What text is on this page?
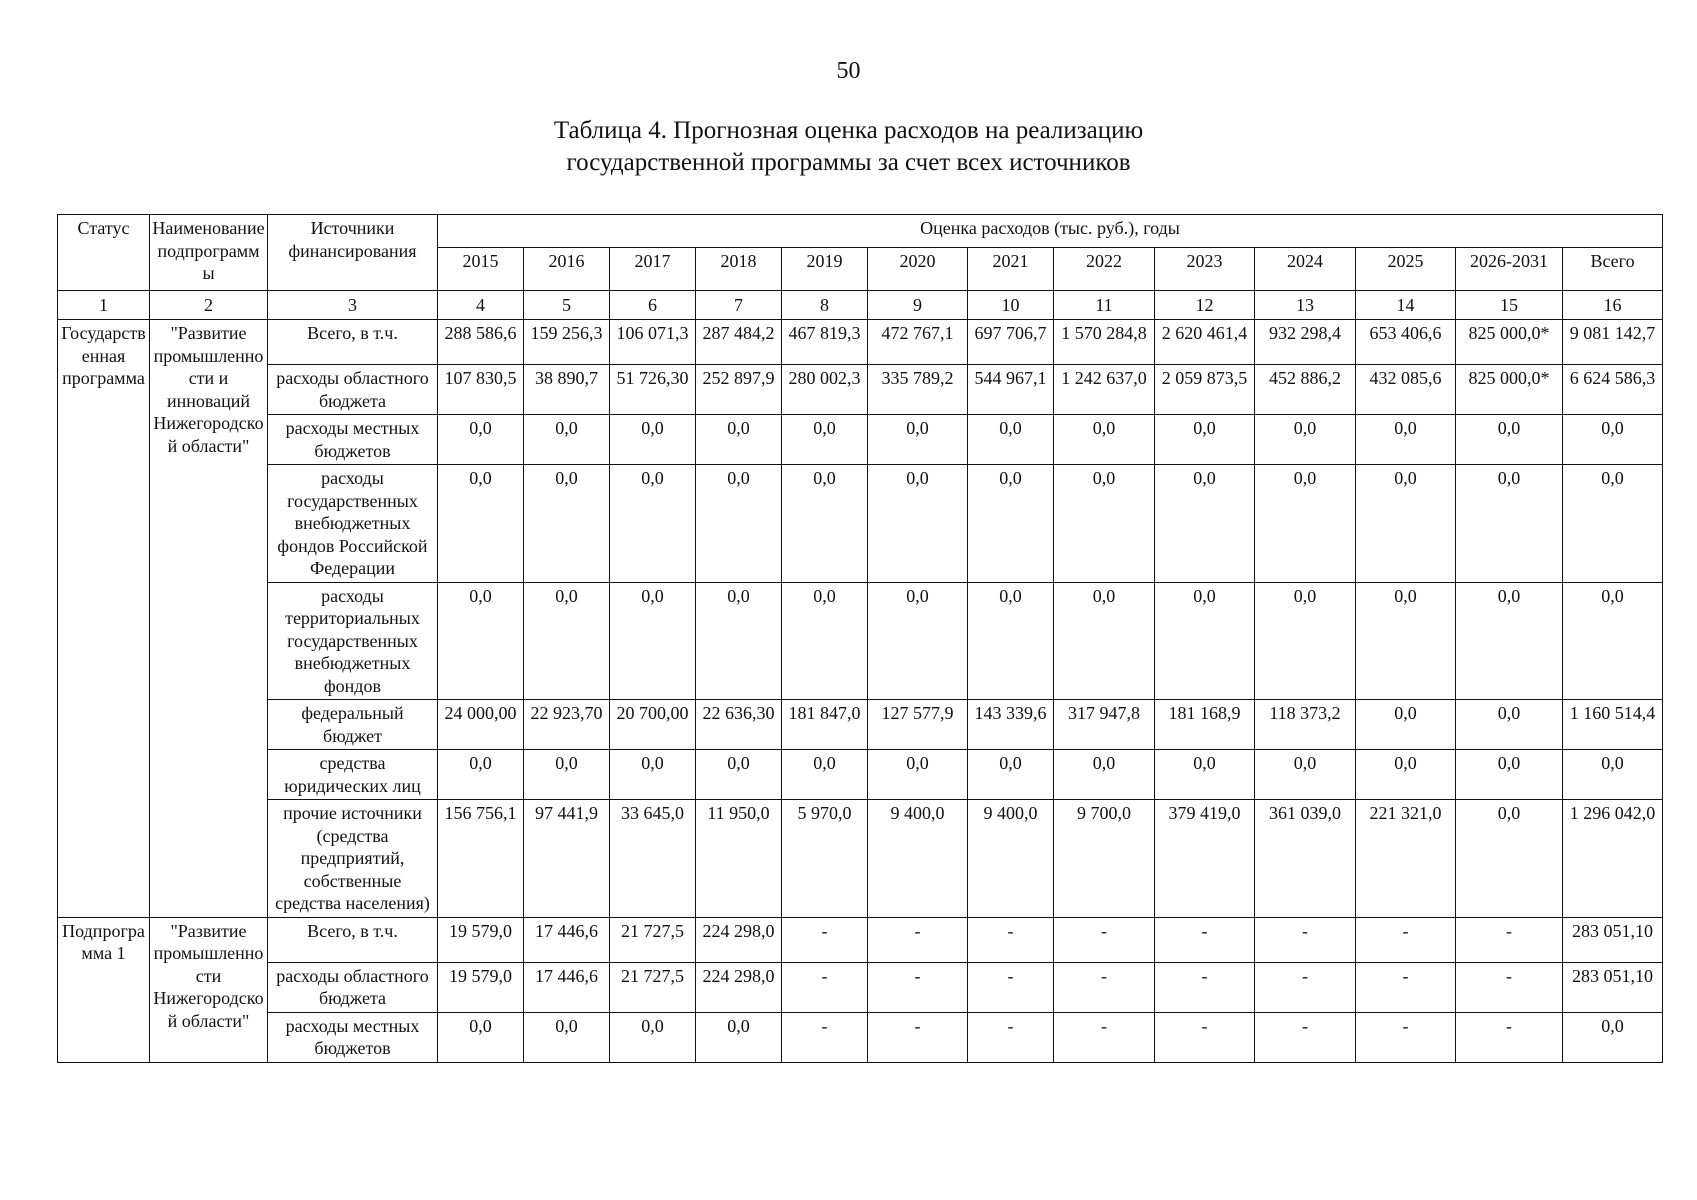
50
Таблица 4. Прогнозная оценка расходов на реализацию
государственной программы за счет всех источников
Статус	Наименование подпрограммы	Источники финансирования	Оценка расходов (тыс. руб.), годы												
			2015	2016	2017	2018	2019	2020	2021	2022	2023	2024	2025	2026-2031	Всего
1	2	3	4	5	6	7	8	9	10	11	12	13	14	15	16
Государственная программа	"Развитие промышленности и инноваций Нижегородской области"	Всего, в т.ч.	288 586,6	159 256,3	106 071,3	287 484,2	467 819,3	472 767,1	697 706,7	1 570 284,8	2 620 461,4	932 298,4	653 406,6	825 000,0*	9 081 142,7
		расходы областного бюджета	107 830,5	38 890,7	51 726,30	252 897,9	280 002,3	335 789,2	544 967,1	1 242 637,0	2 059 873,5	452 886,2	432 085,6	825 000,0*	6 624 586,3
		расходы местных бюджетов	0,0	0,0	0,0	0,0	0,0	0,0	0,0	0,0	0,0	0,0	0,0	0,0	0,0
		расходы государственных внебюджетных фондов Российской Федерации	0,0	0,0	0,0	0,0	0,0	0,0	0,0	0,0	0,0	0,0	0,0	0,0	0,0
		расходы территориальных государственных внебюджетных фондов	0,0	0,0	0,0	0,0	0,0	0,0	0,0	0,0	0,0	0,0	0,0	0,0	0,0
		федеральный бюджет	24 000,00	22 923,70	20 700,00	22 636,30	181 847,0	127 577,9	143 339,6	317 947,8	181 168,9	118 373,2	0,0	0,0	1 160 514,4
		средства юридических лиц	0,0	0,0	0,0	0,0	0,0	0,0	0,0	0,0	0,0	0,0	0,0	0,0	0,0
		прочие источники (средства предприятий, собственные средства населения)	156 756,1	97 441,9	33 645,0	11 950,0	5 970,0	9 400,0	9 400,0	9 700,0	379 419,0	361 039,0	221 321,0	0,0	1 296 042,0
Подпрограмма 1	"Развитие промышленности Нижегородской области"	Всего, в т.ч.	19 579,0	17 446,6	21 727,5	224 298,0	-	-	-	-	-	-	-	-	283 051,10
		расходы областного бюджета	19 579,0	17 446,6	21 727,5	224 298,0	-	-	-	-	-	-	-	-	283 051,10
		расходы местных бюджетов	0,0	0,0	0,0	0,0	-	-	-	-	-	-	-	-	0,0
